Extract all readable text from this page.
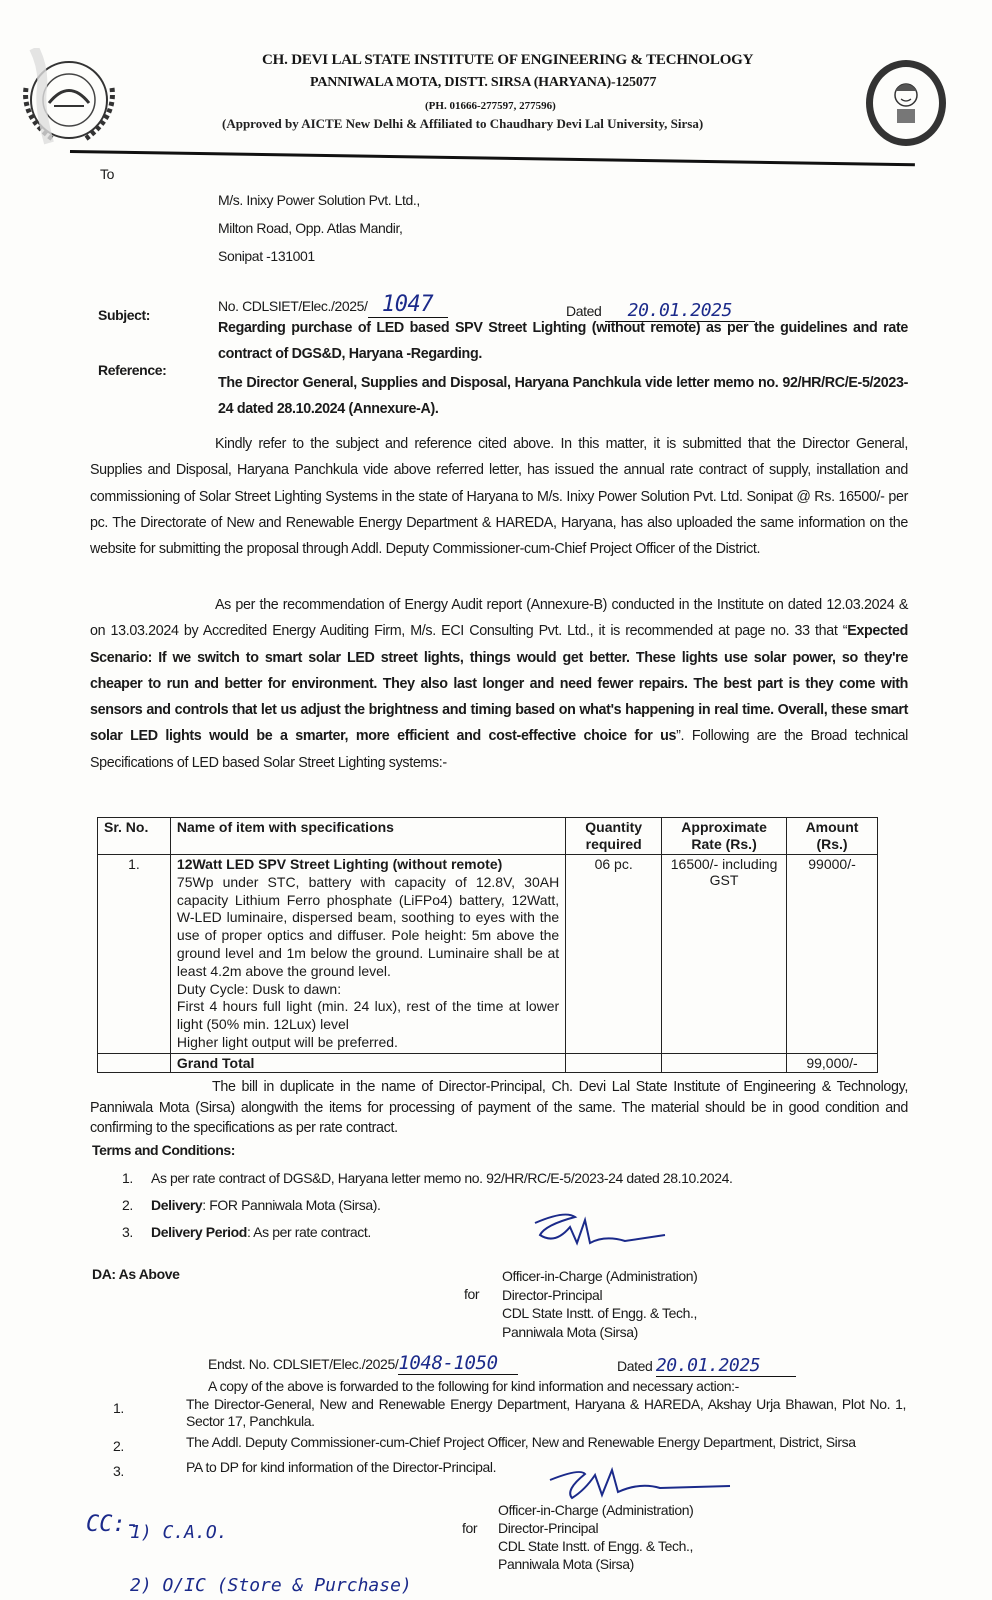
CH. DEVI LAL STATE INSTITUTE OF ENGINEERING & TECHNOLOGY
PANNIWALA MOTA, DISTT. SIRSA (HARYANA)-125077
(PH. 01666-277597, 277596)
(Approved by AICTE New Delhi & Affiliated to Chaudhary Devi Lal University, Sirsa)
To
M/s. Inixy Power Solution Pvt. Ltd.,
Milton Road, Opp. Atlas Mandir,
Sonipat -131001
No. CDLSIET/Elec./2025/ 1047	Dated 20.01.2025
Subject:
Regarding purchase of LED based SPV Street Lighting (without remote) as per the guidelines and rate contract of DGS&D, Haryana -Regarding.
Reference:
The Director General, Supplies and Disposal, Haryana Panchkula vide letter memo no. 92/HR/RC/E-5/2023-24 dated 28.10.2024 (Annexure-A).
Kindly refer to the subject and reference cited above. In this matter, it is submitted that the Director General, Supplies and Disposal, Haryana Panchkula vide above referred letter, has issued the annual rate contract of supply, installation and commissioning of Solar Street Lighting Systems in the state of Haryana to M/s. Inixy Power Solution Pvt. Ltd. Sonipat @ Rs. 16500/- per pc. The Directorate of New and Renewable Energy Department & HAREDA, Haryana, has also uploaded the same information on the website for submitting the proposal through Addl. Deputy Commissioner-cum-Chief Project Officer of the District.
As per the recommendation of Energy Audit report (Annexure-B) conducted in the Institute on dated 12.03.2024 & on 13.03.2024 by Accredited Energy Auditing Firm, M/s. ECI Consulting Pvt. Ltd., it is recommended at page no. 33 that “Expected Scenario: If we switch to smart solar LED street lights, things would get better. These lights use solar power, so they're cheaper to run and better for environment. They also last longer and need fewer repairs. The best part is they come with sensors and controls that let us adjust the brightness and timing based on what's happening in real time. Overall, these smart solar LED lights would be a smarter, more efficient and cost-effective choice for us”. Following are the Broad technical Specifications of LED based Solar Street Lighting systems:-
Sr. No.	Name of item with specifications	Quantity required	Approximate Rate (Rs.)	Amount (Rs.)
1.	12Watt LED SPV Street Lighting (without remote)
75Wp under STC, battery with capacity of 12.8V, 30AH capacity Lithium Ferro phosphate (LiFPo4) battery, 12Watt, W-LED luminaire, dispersed beam, soothing to eyes with the use of proper optics and diffuser. Pole height: 5m above the ground level and 1m below the ground. Luminaire shall be at least 4.2m above the ground level.
Duty Cycle: Dusk to dawn:
First 4 hours full light (min. 24 lux), rest of the time at lower light (50% min. 12Lux) level
Higher light output will be preferred.	06 pc.	16500/- including GST	99000/-
	Grand Total			99,000/-
The bill in duplicate in the name of Director-Principal, Ch. Devi Lal State Institute of Engineering & Technology, Panniwala Mota (Sirsa) alongwith the items for processing of payment of the same. The material should be in good condition and confirming to the specifications as per rate contract.
Terms and Conditions:
1. As per rate contract of DGS&D, Haryana letter memo no. 92/HR/RC/E-5/2023-24 dated 28.10.2024.
2. Delivery: FOR Panniwala Mota (Sirsa).
3. Delivery Period: As per rate contract.
DA: As Above
for
Officer-in-Charge (Administration)
Director-Principal
CDL State Instt. of Engg. & Tech.,
Panniwala Mota (Sirsa)
Endst. No. CDLSIET/Elec./2025/1048-1050	Dated 20.01.2025
A copy of the above is forwarded to the following for kind information and necessary action:-
1.	The Director-General, New and Renewable Energy Department, Haryana & HAREDA, Akshay Urja Bhawan, Plot No. 1, Sector 17, Panchkula.
2.	The Addl. Deputy Commissioner-cum-Chief Project Officer, New and Renewable Energy Department, District, Sirsa
3.	PA to DP for kind information of the Director-Principal.
for
Officer-in-Charge (Administration)
Director-Principal
CDL State Instt. of Engg. & Tech.,
Panniwala Mota (Sirsa)
CC:-
1) C.A.O.
2) O/IC (Store & Purchase)
